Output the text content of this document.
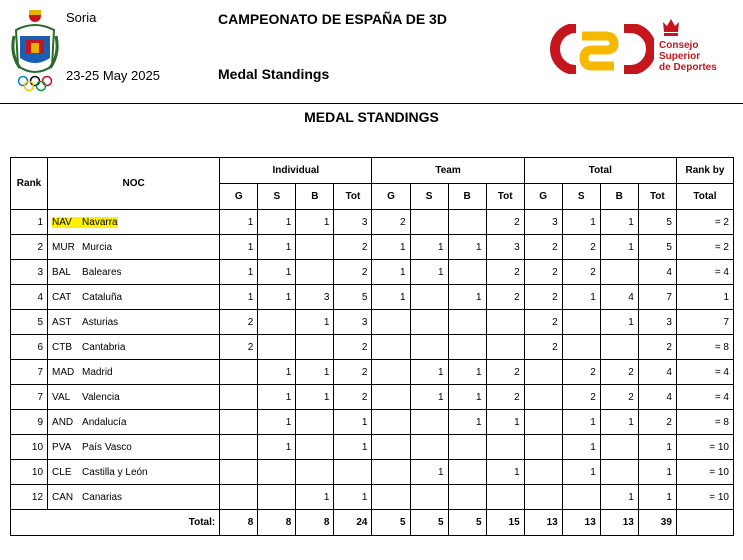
Soria
23-25 May 2025
CAMPEONATO DE ESPAÑA DE 3D
Medal Standings
Consejo
Superior
de Deportes
MEDAL STANDINGS
Rank	NOC	Individual				Team				Total				Rank by
		G	S	B	Tot	G	S	B	Tot	G	S	B	Tot	Total
1	NAV Navarra	1	1	1	3	2			2	3	1	1	5	= 2
2	MUR Murcia	1	1		2	1	1	1	3	2	2	1	5	= 2
3	BAL Baleares	1	1		2	1	1		2	2	2		4	= 4
4	CAT Cataluña	1	1	3	5	1		1	2	2	1	4	7	1
5	AST Asturias	2		1	3					2		1	3	7
6	CTB Cantabria	2			2					2			2	= 8
7	MAD Madrid		1	1	2		1	1	2		2	2	4	= 4
7	VAL Valencia		1	1	2		1	1	2		2	2	4	= 4
9	AND Andalucía		1		1			1	1		1	1	2	= 8
10	PVA País Vasco		1		1						1		1	= 10
10	CLE Castilla y León						1		1		1		1	= 10
12	CAN Canarias			1	1							1	1	= 10
Total:		8	8	8	24	5	5	5	15	13	13	13	39	
